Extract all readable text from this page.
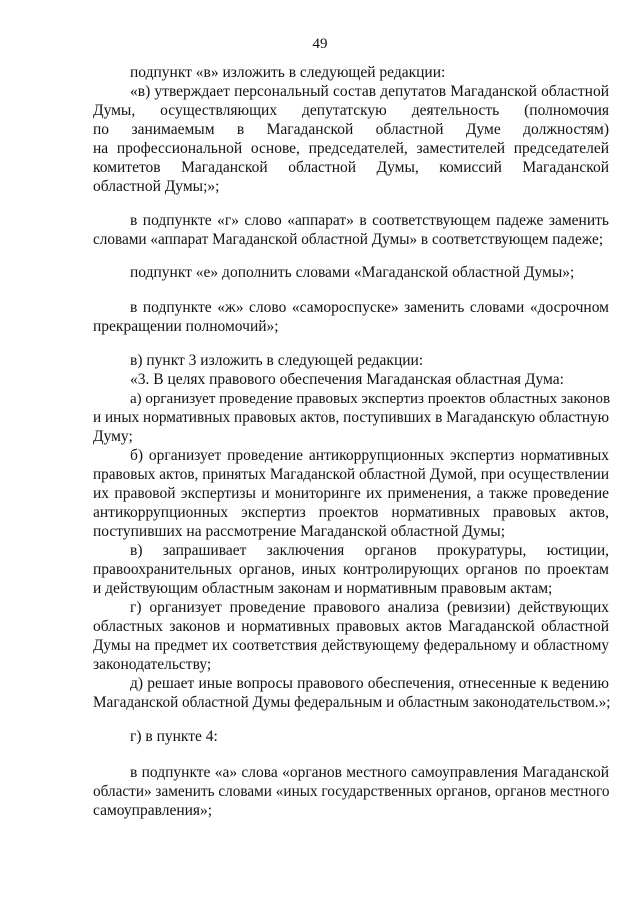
49
подпункт «в» изложить в следующей редакции:
«в) утверждает персональный состав депутатов Магаданской областной
Думы, осуществляющих депутатскую деятельность (полномочия
по занимаемым в Магаданской областной Думе должностям)
на профессиональной основе, председателей, заместителей председателей
комитетов Магаданской областной Думы, комиссий Магаданской
областной Думы;»;
в подпункте «г» слово «аппарат» в соответствующем падеже заменить
словами «аппарат Магаданской областной Думы» в соответствующем падеже;
подпункт «е» дополнить словами «Магаданской областной Думы»;
в подпункте «ж» слово «самороспуске» заменить словами «досрочном
прекращении полномочий»;
в) пункт 3 изложить в следующей редакции:
«3. В целях правового обеспечения Магаданская областная Дума:
а) организует проведение правовых экспертиз проектов областных законов
и иных нормативных правовых актов, поступивших в Магаданскую областную
Думу;
б) организует проведение антикоррупционных экспертиз нормативных
правовых актов, принятых Магаданской областной Думой, при осуществлении
их правовой экспертизы и мониторинге их применения, а также проведение
антикоррупционных экспертиз проектов нормативных правовых актов,
поступивших на рассмотрение Магаданской областной Думы;
в) запрашивает заключения органов прокуратуры, юстиции,
правоохранительных органов, иных контролирующих органов по проектам
и действующим областным законам и нормативным правовым актам;
г) организует проведение правового анализа (ревизии) действующих
областных законов и нормативных правовых актов Магаданской областной
Думы на предмет их соответствия действующему федеральному и областному
законодательству;
д) решает иные вопросы правового обеспечения, отнесенные к ведению
Магаданской областной Думы федеральным и областным законодательством.»;
г) в пункте 4:
в подпункте «а» слова «органов местного самоуправления Магаданской
области» заменить словами «иных государственных органов, органов местного
самоуправления»;
